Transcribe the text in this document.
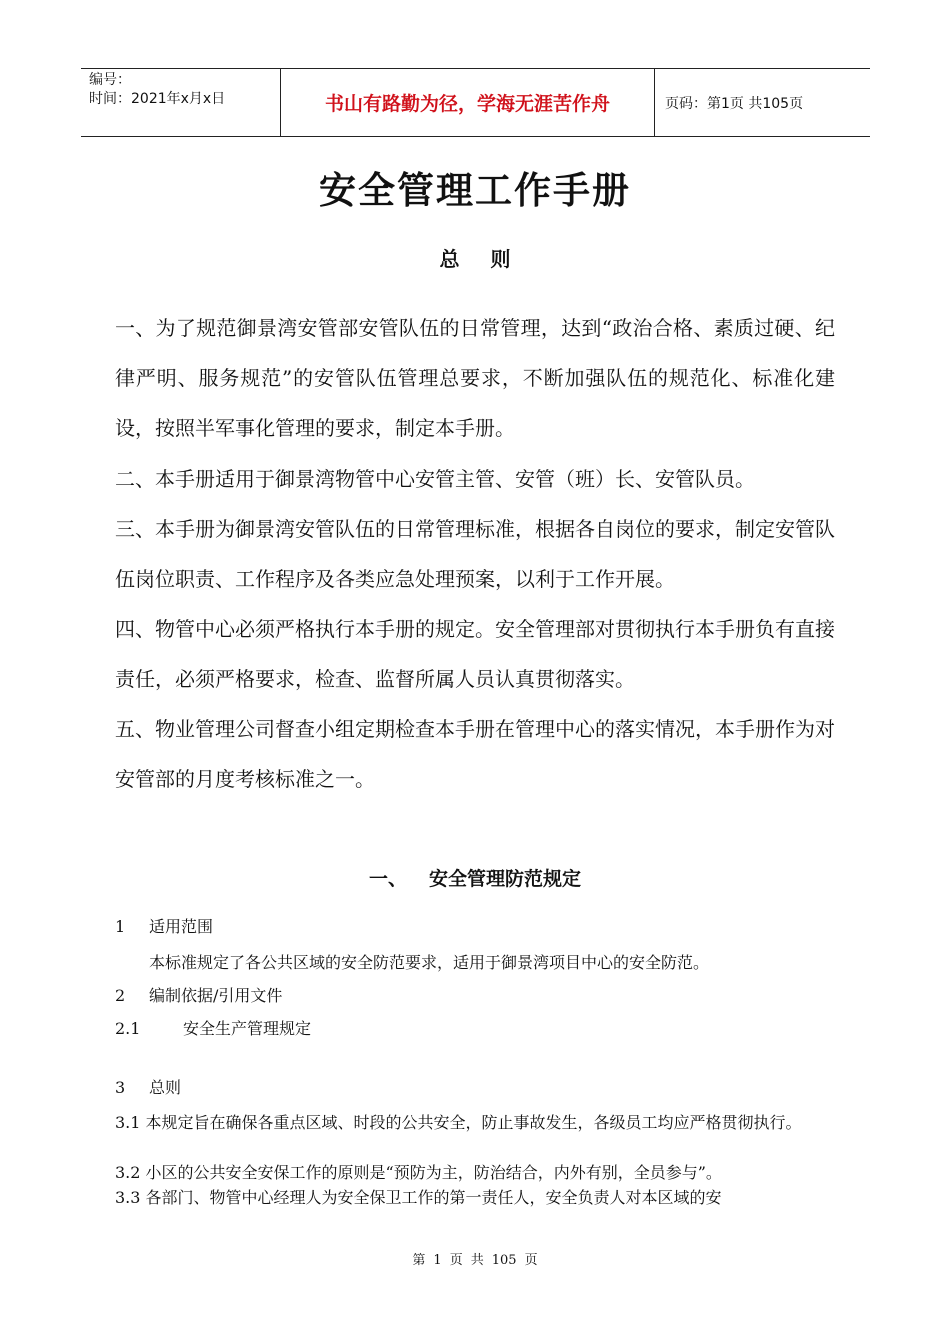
编号：
时间：2021年x月x日	书山有路勤为径，学海无涯苦作舟	页码：第1页 共105页
安全管理工作手册
总 则
一、为了规范御景湾安管部安管队伍的日常管理，达到“政治合格、素质过硬、纪律严明、服务规范”的安管队伍管理总要求，不断加强队伍的规范化、标准化建设，按照半军事化管理的要求，制定本手册。
二、本手册适用于御景湾物管中心安管主管、安管（班）长、安管队员。
三、本手册为御景湾安管队伍的日常管理标准，根据各自岗位的要求，制定安管队伍岗位职责、工作程序及各类应急处理预案，以利于工作开展。
四、物管中心必须严格执行本手册的规定。安全管理部对贯彻执行本手册负有直接责任，必须严格要求，检查、监督所属人员认真贯彻落实。
五、物业管理公司督查小组定期检查本手册在管理中心的落实情况，本手册作为对安管部的月度考核标准之一。
一、 安全管理防范规定
1 适用范围
本标准规定了各公共区域的安全防范要求，适用于御景湾项目中心的安全防范。
2 编制依据/引用文件
2.1	安全生产管理规定
3 总则
3.1 本规定旨在确保各重点区域、时段的公共安全，防止事故发生，各级员工均应严格贯彻执行。
3.2 小区的公共安全安保工作的原则是“预防为主，防治结合，内外有别，全员参与”。
3.3 各部门、物管中心经理人为安全保卫工作的第一责任人，安全负责人对本区域的安
第 1 页 共 105 页
